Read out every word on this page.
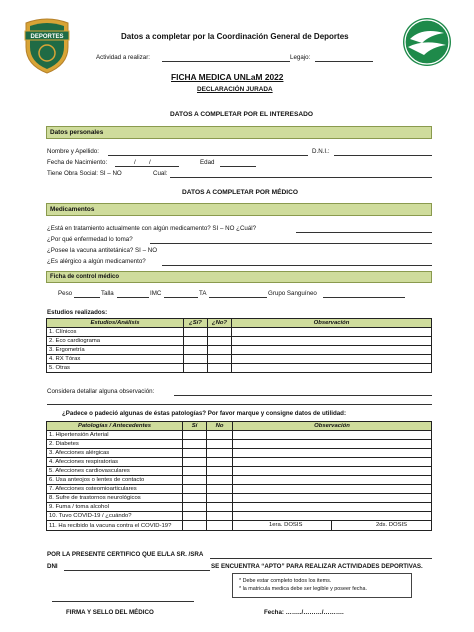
DEPORTES	Datos a completar por la Coordinación General de Deportes
Actividad a realizar:	Legajo:
FICHA MEDICA UNLaM 2022
DECLARACIÓN JURADA
DATOS A COMPLETAR POR EL INTERESADO
Datos personales
Nombre y Apellido:	D.N.I.:
Fecha de Nacimiento:	/ /	Edad
Tiene Obra Social: SI – NO	Cual:
DATOS A COMPLETAR POR MÉDICO
Medicamentos
¿Está en tratamiento actualmente con algún medicamento? SI – NO ¿Cuál?
¿Por qué enfermedad lo toma?
¿Posee la vacuna antitetánica? SI – NO
¿Es alérgico a algún medicamento?
Ficha de control médico
Peso	Talla	IMC	TA	Grupo Sanguíneo
Estudios realizados:
Estudios/Análisis	¿Sí?	¿No?	Observación
1. Clínicos			
2. Eco cardiograma			
3. Ergometría			
4. RX Tórax			
5. Otras			
Considera detallar alguna observación:
¿Padece o padeció algunas de éstas patologías? Por favor marque y consigne datos de utilidad:
Patologías / Antecedentes	Sí	No	Observación
1. Hipertensión Arterial			
2. Diabetes			
3. Afecciones alérgicas			
4. Afecciones respiratorias			
5. Afecciones cardiovasculares			
6. Usa anteojos o lentes de contacto			
7. Afecciones osteomioarticulares			
8. Sufre de trastornos neurológicos			
9. Fuma / toma alcohol			
10. Tuvo COVID-19 / ¿cuándo?			
11. Ha recibido la vacuna contra el COVID-19?			1era. DOSIS 2ds. DOSIS
POR LA PRESENTE CERTIFICO QUE EL/LA SR. /SRA
DNI	SE ENCUENTRA “APTO” PARA REALIZAR ACTIVIDADES DEPORTIVAS.
* Debe estar completo todos los items.
* la matricula medica debe ser legible y poseer fecha.
FIRMA Y SELLO DEL MÉDICO	Fecha: ……../………/……….
